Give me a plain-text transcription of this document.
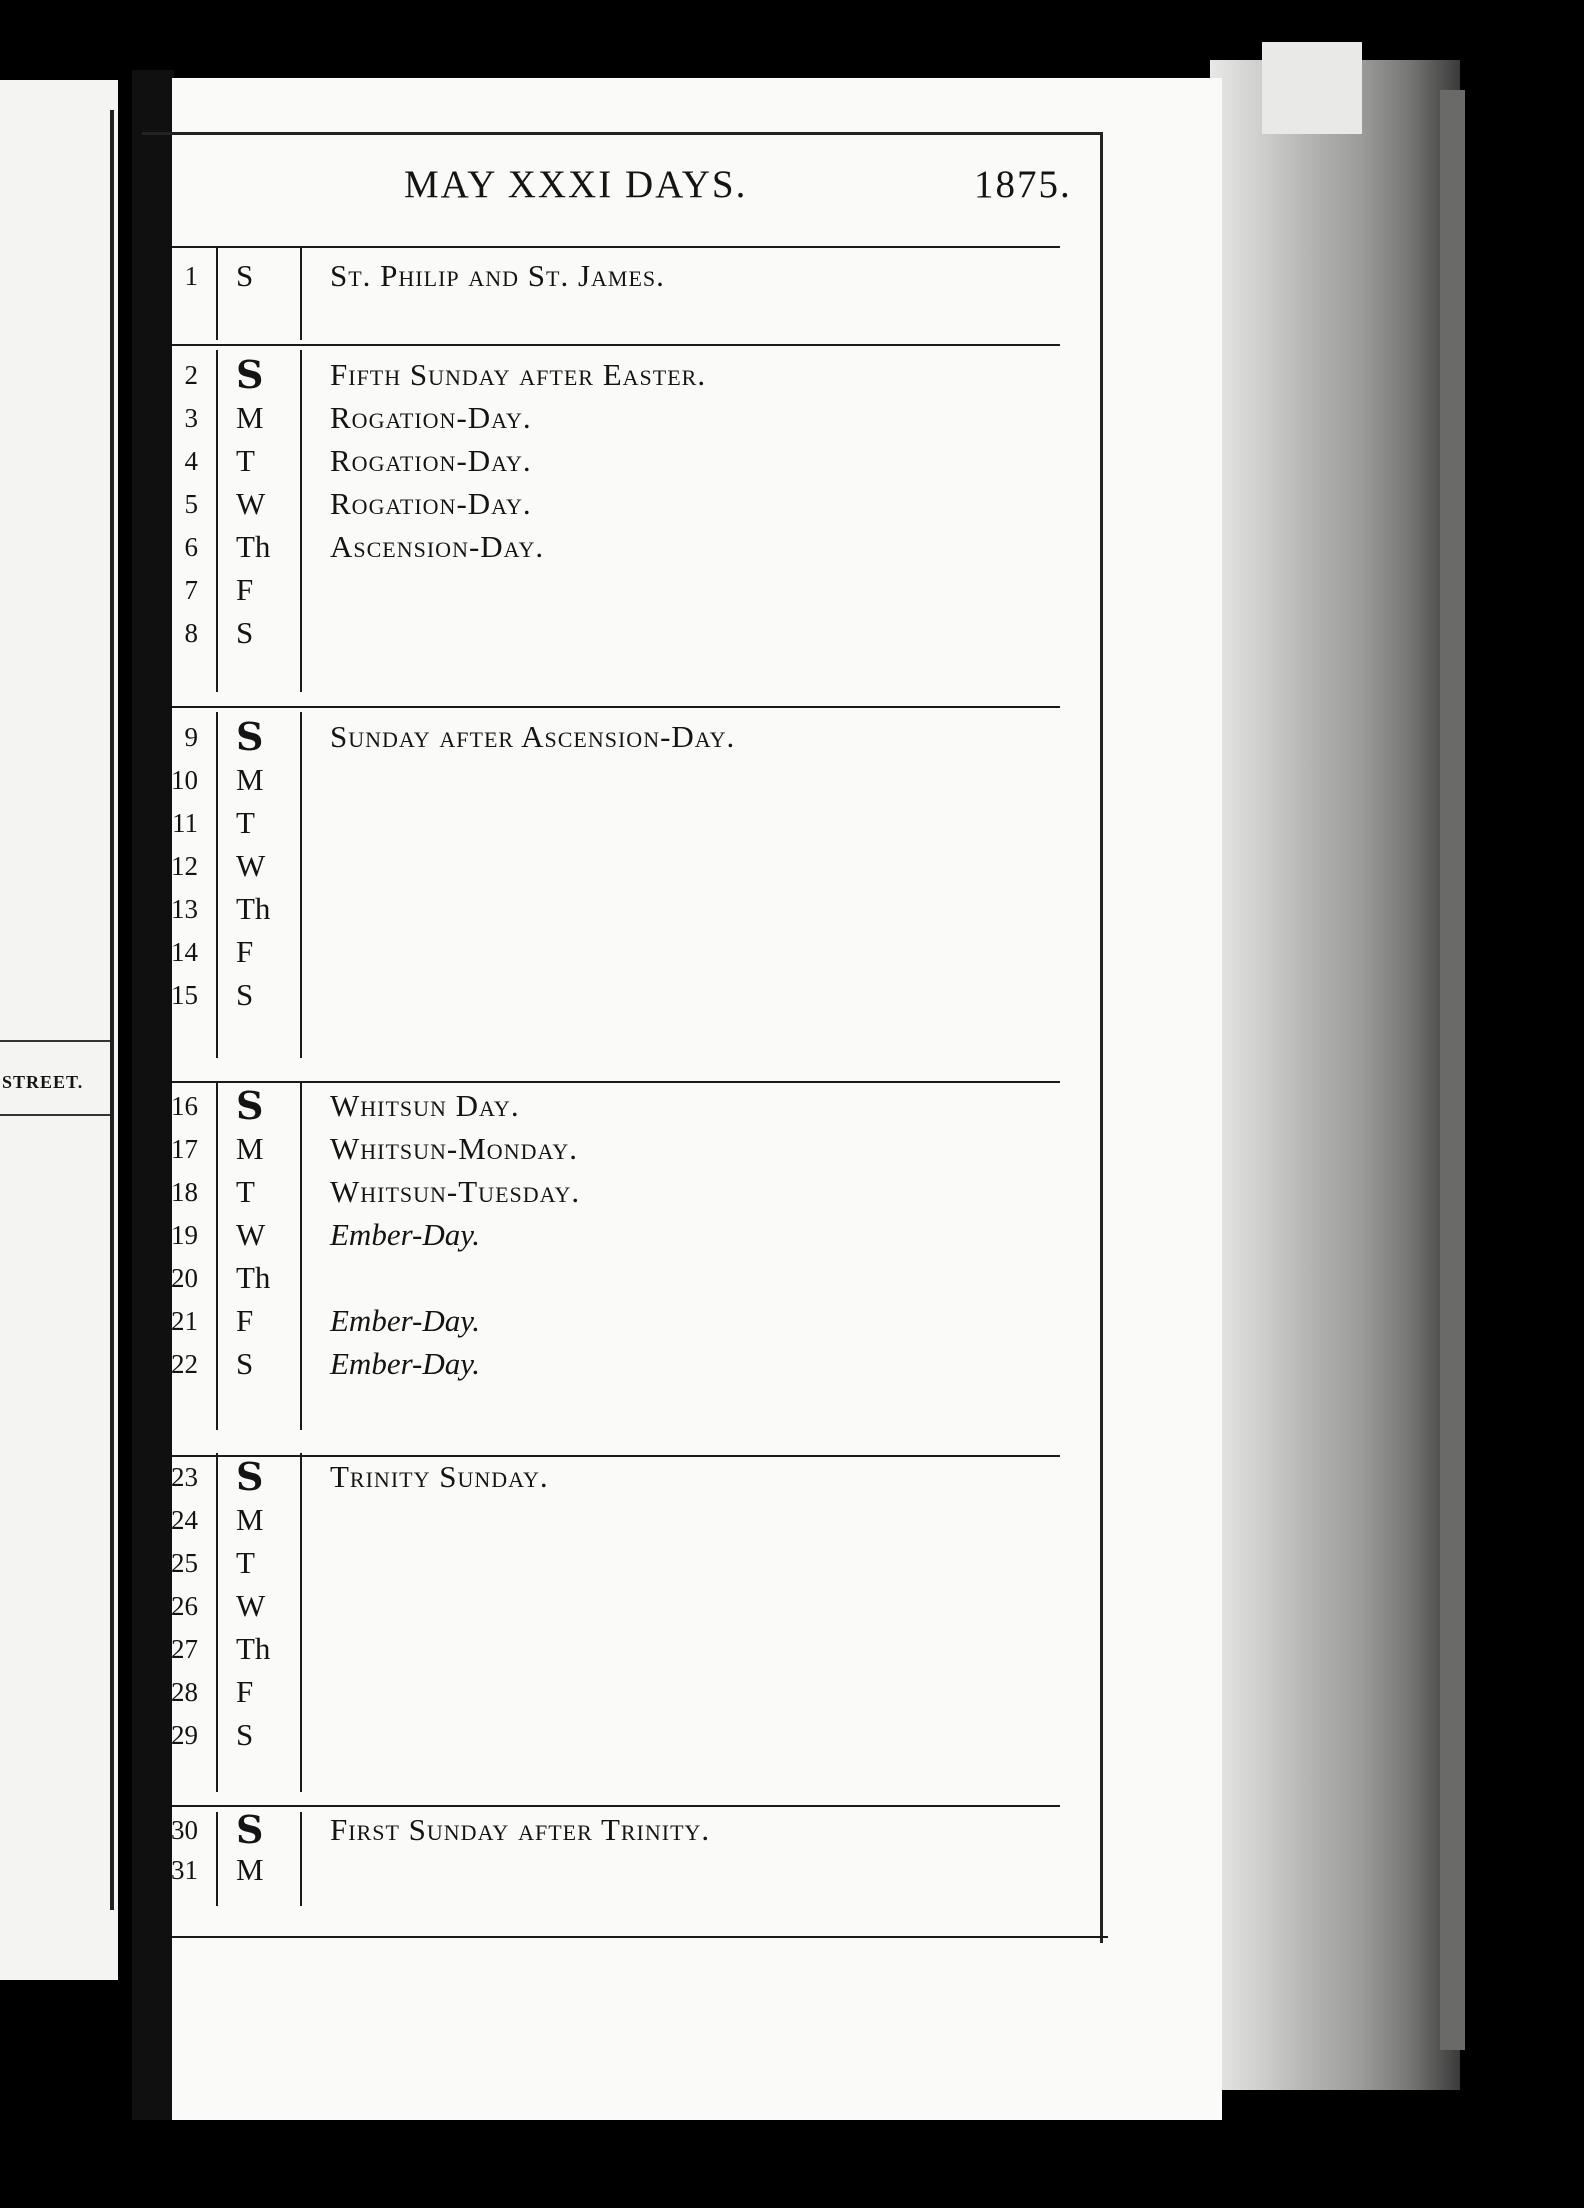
STREET.
MAY XXXI DAYS.	1875.
1 S St. Philip and St. James.
2 S Fifth Sunday after Easter.
3 M Rogation-Day.
4 T Rogation-Day.
5 W Rogation-Day.
6 Th Ascension-Day.
7 F
8 S
9 S Sunday after Ascension-Day.
10 M
11 T
12 W
13 Th
14 F
15 S
16 S Whitsun Day.
17 M Whitsun-Monday.
18 T Whitsun-Tuesday.
19 W Ember-Day.
20 Th
21 F Ember-Day.
22 S Ember-Day.
23 S Trinity Sunday.
24 M
25 T
26 W
27 Th
28 F
29 S
30 S First Sunday after Trinity.
31 M
